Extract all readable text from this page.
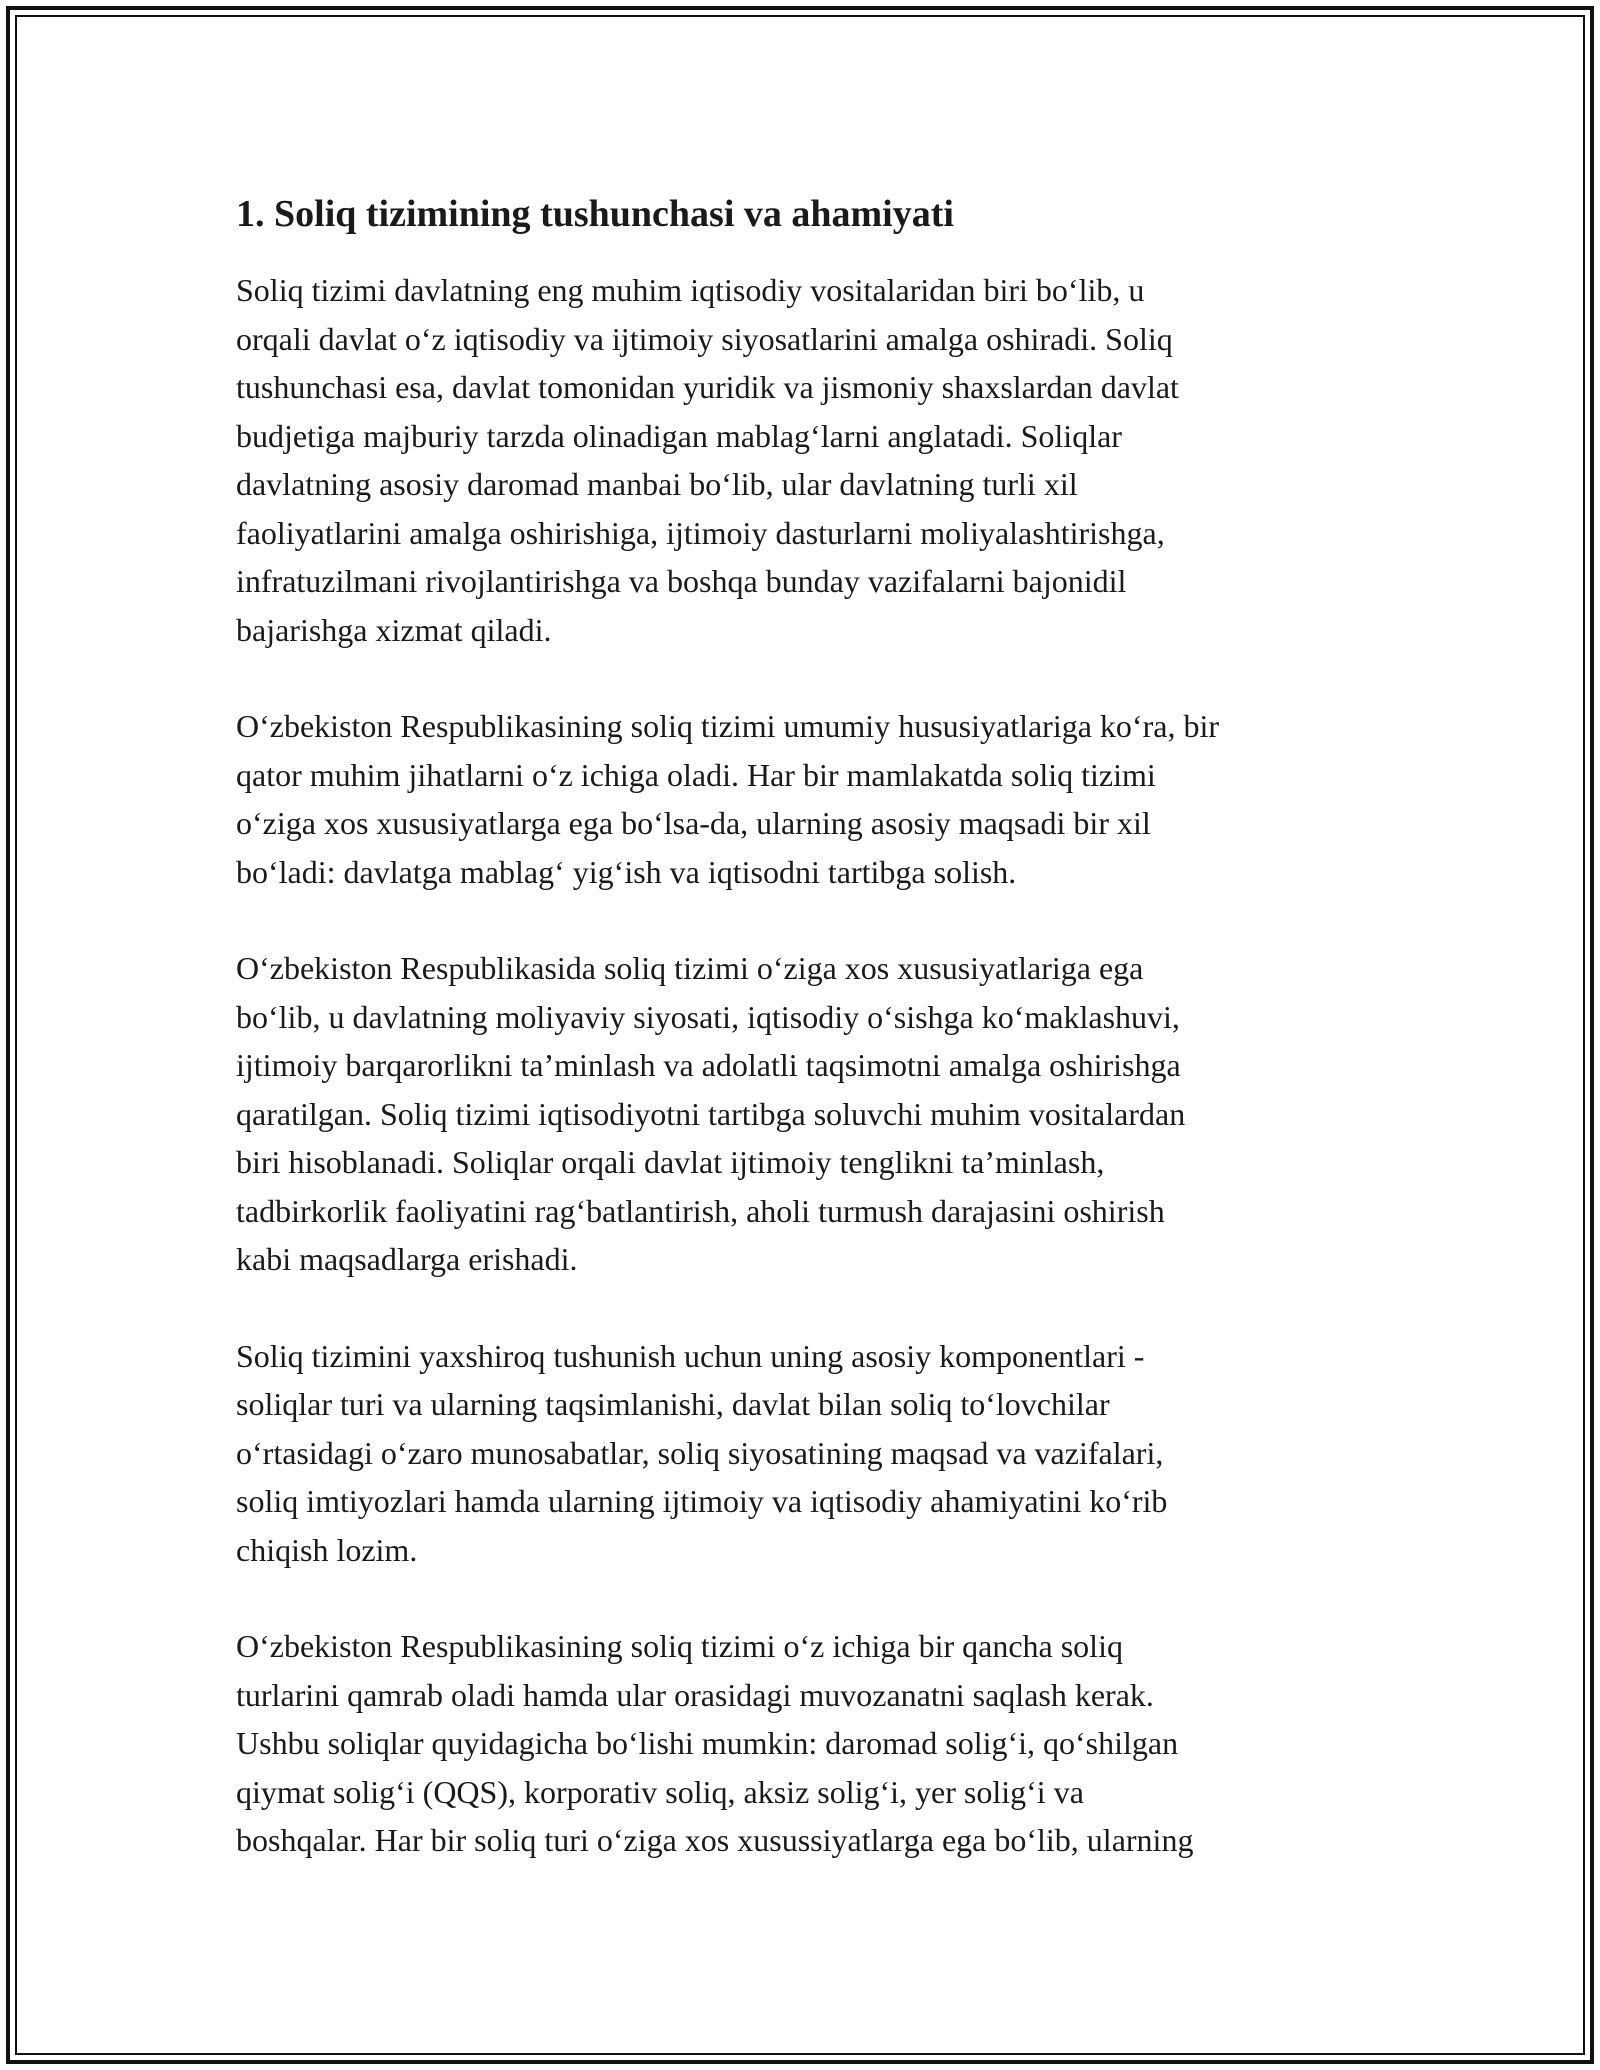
1. Soliq tizimining tushunchasi va ahamiyati

Soliq tizimi davlatning eng muhim iqtisodiy vositalaridan biri bo‘lib, u
orqali davlat o‘z iqtisodiy va ijtimoiy siyosatlarini amalga oshiradi. Soliq
tushunchasi esa, davlat tomonidan yuridik va jismoniy shaxslardan davlat
budjetiga majburiy tarzda olinadigan mablag‘larni anglatadi. Soliqlar
davlatning asosiy daromad manbai bo‘lib, ular davlatning turli xil
faoliyatlarini amalga oshirishiga, ijtimoiy dasturlarni moliyalashtirishga,
infratuzilmani rivojlantirishga va boshqa bunday vazifalarni bajonidil
bajarishga xizmat qiladi.

O‘zbekiston Respublikasining soliq tizimi umumiy hususiyatlariga ko‘ra, bir
qator muhim jihatlarni o‘z ichiga oladi. Har bir mamlakatda soliq tizimi
o‘ziga xos xususiyatlarga ega bo‘lsa-da, ularning asosiy maqsadi bir xil
bo‘ladi: davlatga mablag‘ yig‘ish va iqtisodni tartibga solish.

O‘zbekiston Respublikasida soliq tizimi o‘ziga xos xususiyatlariga ega
bo‘lib, u davlatning moliyaviy siyosati, iqtisodiy o‘sishga ko‘maklashuvi,
ijtimoiy barqarorlikni ta’minlash va adolatli taqsimotni amalga oshirishga
qaratilgan. Soliq tizimi iqtisodiyotni tartibga soluvchi muhim vositalardan
biri hisoblanadi. Soliqlar orqali davlat ijtimoiy tenglikni ta’minlash,
tadbirkorlik faoliyatini rag‘batlantirish, aholi turmush darajasini oshirish
kabi maqsadlarga erishadi.

Soliq tizimini yaxshiroq tushunish uchun uning asosiy komponentlari -
soliqlar turi va ularning taqsimlanishi, davlat bilan soliq to‘lovchilar
o‘rtasidagi o‘zaro munosabatlar, soliq siyosatining maqsad va vazifalari,
soliq imtiyozlari hamda ularning ijtimoiy va iqtisodiy ahamiyatini ko‘rib
chiqish lozim.

O‘zbekiston Respublikasining soliq tizimi o‘z ichiga bir qancha soliq
turlarini qamrab oladi hamda ular orasidagi muvozanatni saqlash kerak.
Ushbu soliqlar quyidagicha bo‘lishi mumkin: daromad solig‘i, qo‘shilgan
qiymat solig‘i (QQS), korporativ soliq, aksiz solig‘i, yer solig‘i va
boshqalar. Har bir soliq turi o‘ziga xos xusussiyatlarga ega bo‘lib, ularning
